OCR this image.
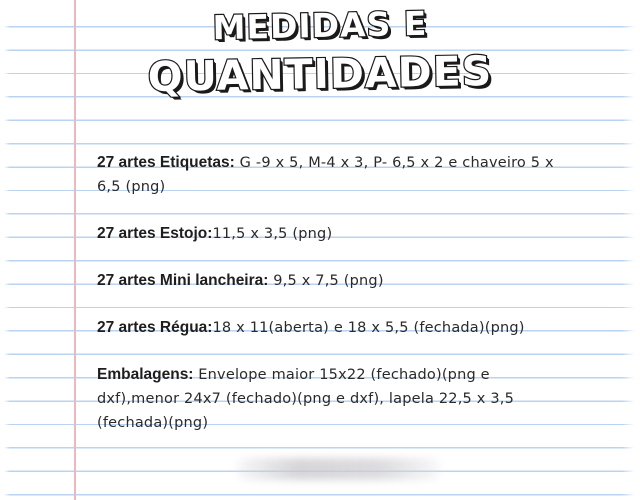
MEDIDAS E
QUANTIDADES

27 artes Etiquetas: G -9 x 5, M-4 x 3, P- 6,5 x 2 e chaveiro 5 x 6,5 (png)

27 artes Estojo:11,5 x 3,5 (png)

27 artes Mini lancheira: 9,5 x 7,5 (png)

27 artes Régua:18 x 11(aberta) e 18 x 5,5 (fechada)(png)

Embalagens: Envelope maior 15x22 (fechado)(png e dxf),menor 24x7 (fechado)(png e dxf), lapela 22,5 x 3,5 (fechada)(png)
